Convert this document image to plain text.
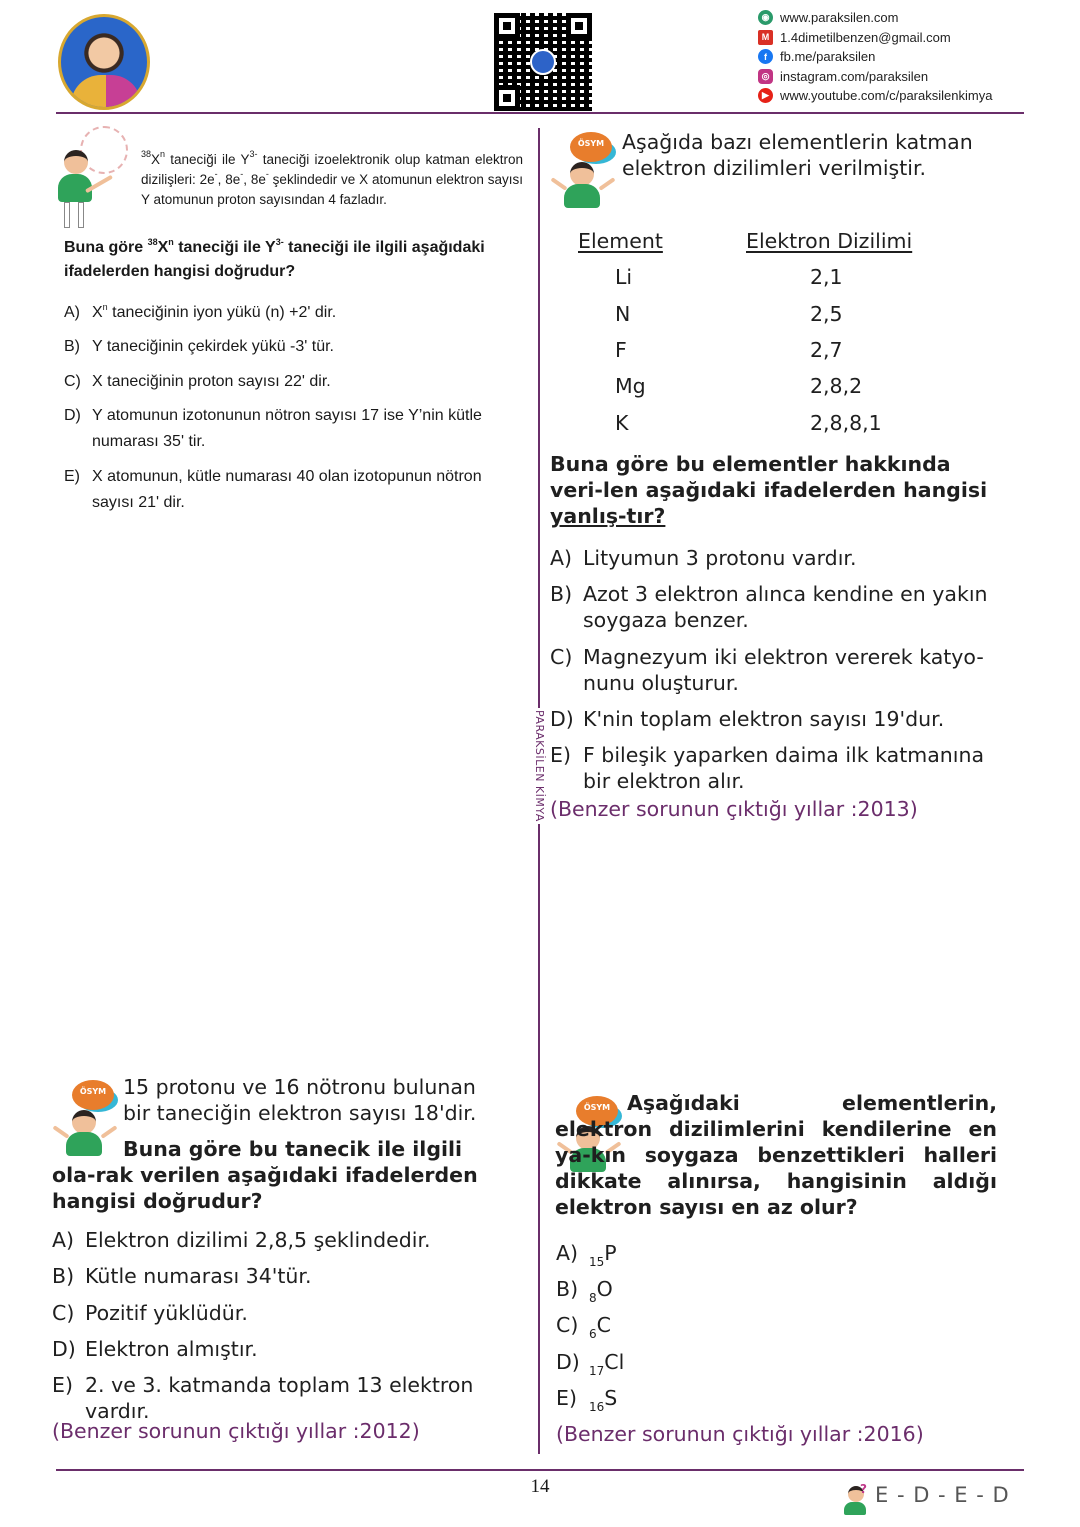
◉ www.paraksilen.com
M 1.4dimetilbenzen@gmail.com
f	fb.me/paraksilen
◎ instagram.com/paraksilen
▶ www.youtube.com/c/paraksilenkimya
PARAKSİLEN KİMYA
$^{38}X^n$ taneciği ile $Y^{3-}$ taneciği izoelektronik olup katman elektron dizilişleri: 2e-, 8e-, 8e- şeklindedir ve X atomunun elektron sayısı Y atomunun proton sayısından 4 fazladır.
Buna göre $^{38}X^n$ taneciği ile $Y^{3-}$ taneciği ile ilgili aşağıdaki ifadelerden hangisi doğrudur?
A) $X^n$ taneciğinin iyon yükü (n) +2' dir.
B) Y taneciğinin çekirdek yükü -3' tür.
C) X taneciğinin proton sayısı 22' dir.
D) Y atomunun izotonunun nötron sayısı 17 ise Y’nin kütle numarası 35' tir.
E) X atomunun, kütle numarası 40 olan izotopunun nötron sayısı 21' dir.
ÖSYM Aşağıda bazı elementlerin katman elektron dizilimleri verilmiştir.
Element	Elektron Dizilimi
Li	2,1
N	2,5
F	2,7
Mg	2,8,2
K	2,8,8,1
Buna göre bu elementler hakkında veri-len aşağıdaki ifadelerden hangisi yanlış-tır?
A) Lityumun 3 protonu vardır.
B) Azot 3 elektron alınca kendine en yakın soygaza benzer.
C) Magnezyum iki elektron vererek katyo-nunu oluşturur.
D) K'nin toplam elektron sayısı 19'dur.
E) F bileşik yaparken daima ilk katmanına bir elektron alır.
(Benzer sorunun çıktığı yıllar :2013)
ÖSYM 15 protonu ve 16 nötronu bulunan bir taneciğin elektron sayısı 18'dir.
Buna göre bu tanecik ile ilgili ola-rak verilen aşağıdaki ifadelerden hangisi doğrudur?
A) Elektron dizilimi 2,8,5 şeklindedir.
B) Kütle numarası 34'tür.
C) Pozitif yüklüdür.
D) Elektron almıştır.
E) 2. ve 3. katmanda toplam 13 elektron vardır.
(Benzer sorunun çıktığı yıllar :2012)
ÖSYM Aşağıdaki elementlerin, elektron dizilimlerini kendilerine en ya-kın soygaza benzettikleri halleri dikkate alınırsa, hangisinin aldığı elektron sayısı en az olur?
A) $_{15}$P
B) $_8$O
C) $_6$C
D) $_{17}$Cl
E) $_{16}$S
(Benzer sorunun çıktığı yıllar :2016)
14	? E - D - E - D
